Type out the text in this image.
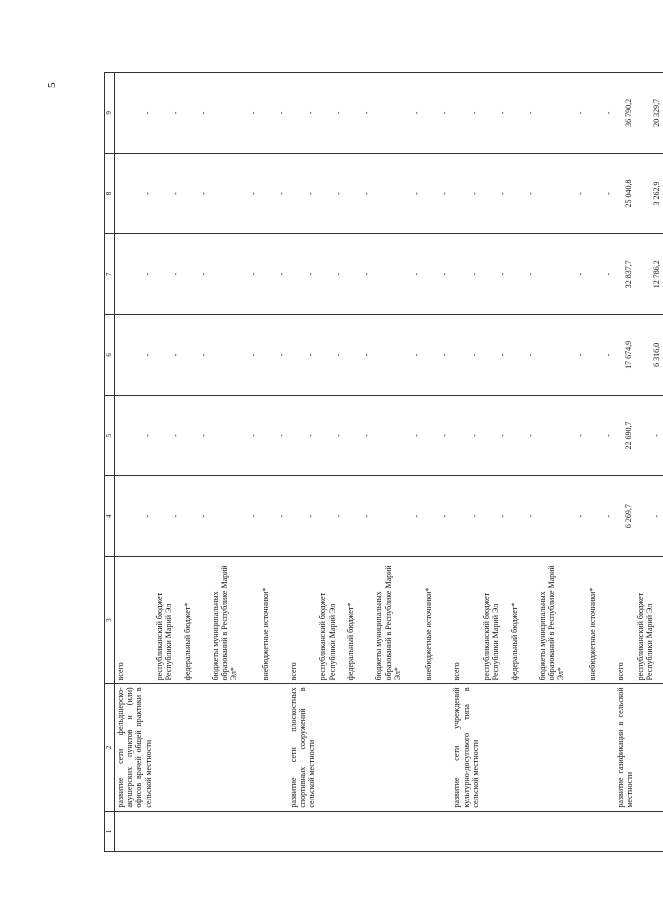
5
1	2	3	4	5	6	7	8	9
	развитие сети фельдшерско-акушерских пунктов и (или) офисов врачей общей практики в сельской местности	всего	-	-	-	-	-	-
		республиканский бюджет Республики Марий Эл	-	-	-	-	-	-
		федеральный бюджет*	-	-	-	-	-	-
		бюджеты муниципальных образований в Республике Марий Эл*	-	-	-	-	-	-
		внебюджетные источники*	-	-	-	-	-	-
	развитие сети плоскостных спортивных сооружений в сельской местности	всего	-	-	-	-	-	-
		республиканский бюджет Республики Марий Эл	-	-	-	-	-	-
		федеральный бюджет*	-	-	-	-	-	-
		бюджеты муниципальных образований в Республике Марий Эл*	-	-	-	-	-	-
		внебюджетные источники*	-	-	-	-	-	-
	развитие сети учреждений культурно-досугового типа в сельской местности	всего	-	-	-	-	-	-
		республиканский бюджет Республики Марий Эл	-	-	-	-	-	-
		федеральный бюджет*	-	-	-	-	-	-
		бюджеты муниципальных образований в Республике Марий Эл*	-	-	-	-	-	-
		внебюджетные источники*	-	-	-	-	-	-
	развитие газификации в сельской местности	всего	6 269,7	22 690,7	17 674,9	32 837,7	25 040,8	36 790,2
		республиканский бюджет Республики Марий Эл	-	-	6 316,0	12 786,2	3 262,9	20 329,7
